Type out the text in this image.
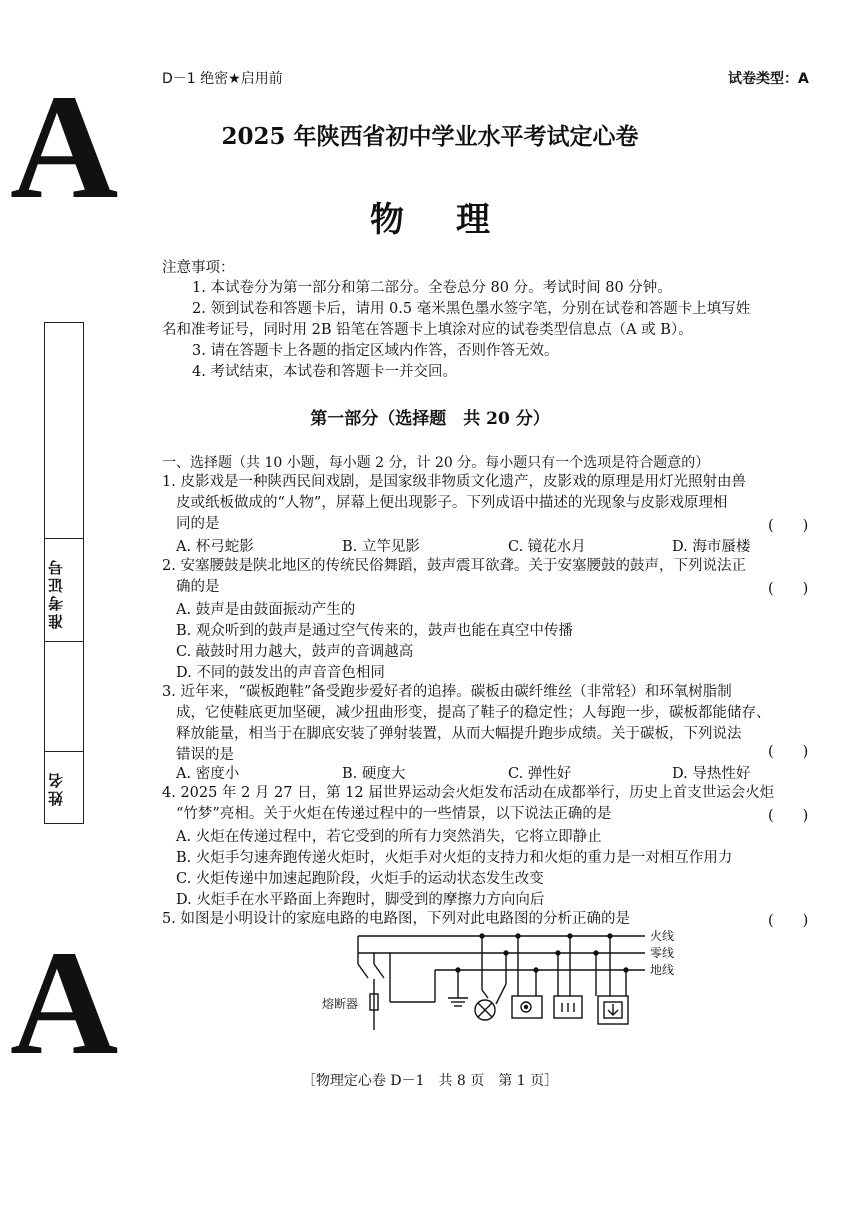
A
A
D－1 绝密★启用前	试卷类型：A
2025 年陕西省初中学业水平考试定心卷
物理
注意事项：
1. 本试卷分为第一部分和第二部分。全卷总分 80 分。考试时间 80 分钟。
2. 领到试卷和答题卡后，请用 0.5 毫米黑色墨水签字笔，分别在试卷和答题卡上填写姓
名和准考证号，同时用 2B 铅笔在答题卡上填涂对应的试卷类型信息点（A 或 B）。
3. 请在答题卡上各题的指定区域内作答，否则作答无效。
4. 考试结束，本试卷和答题卡一并交回。
准考证号
姓名
第一部分（选择题　共 20 分）
一、选择题（共 10 小题，每小题 2 分，计 20 分。每小题只有一个选项是符合题意的）
1. 皮影戏是一种陕西民间戏剧，是国家级非物质文化遗产，皮影戏的原理是用灯光照射由兽
皮或纸板做成的“人物”，屏幕上便出现影子。下列成语中描述的光现象与皮影戏原理相
同的是	(　　)
A. 杯弓蛇影	B. 立竿见影	C. 镜花水月	D. 海市蜃楼
2. 安塞腰鼓是陕北地区的传统民俗舞蹈，鼓声震耳欲聋。关于安塞腰鼓的鼓声，下列说法正
确的是	(　　)
A. 鼓声是由鼓面振动产生的
B. 观众听到的鼓声是通过空气传来的，鼓声也能在真空中传播
C. 敲鼓时用力越大，鼓声的音调越高
D. 不同的鼓发出的声音音色相同
3. 近年来，“碳板跑鞋”备受跑步爱好者的追捧。碳板由碳纤维丝（非常轻）和环氧树脂制
成，它使鞋底更加坚硬，减少扭曲形变，提高了鞋子的稳定性；人每跑一步，碳板都能储存、
释放能量，相当于在脚底安装了弹射装置，从而大幅提升跑步成绩。关于碳板，下列说法
错误的是	(　　)
A. 密度小	B. 硬度大	C. 弹性好	D. 导热性好
4. 2025 年 2 月 27 日，第 12 届世界运动会火炬发布活动在成都举行，历史上首支世运会火炬
“竹梦”亮相。关于火炬在传递过程中的一些情景，以下说法正确的是	(　　)
A. 火炬在传递过程中，若它受到的所有力突然消失，它将立即静止
B. 火炬手匀速奔跑传递火炬时，火炬手对火炬的支持力和火炬的重力是一对相互作用力
C. 火炬传递中加速起跑阶段，火炬手的运动状态发生改变
D. 火炬手在水平路面上奔跑时，脚受到的摩擦力方向向后
5. 如图是小明设计的家庭电路的电路图，下列对此电路图的分析正确的是	(　　)
火线
零线
地线
熔断器
［物理定心卷 D－1　共 8 页　第 1 页］
